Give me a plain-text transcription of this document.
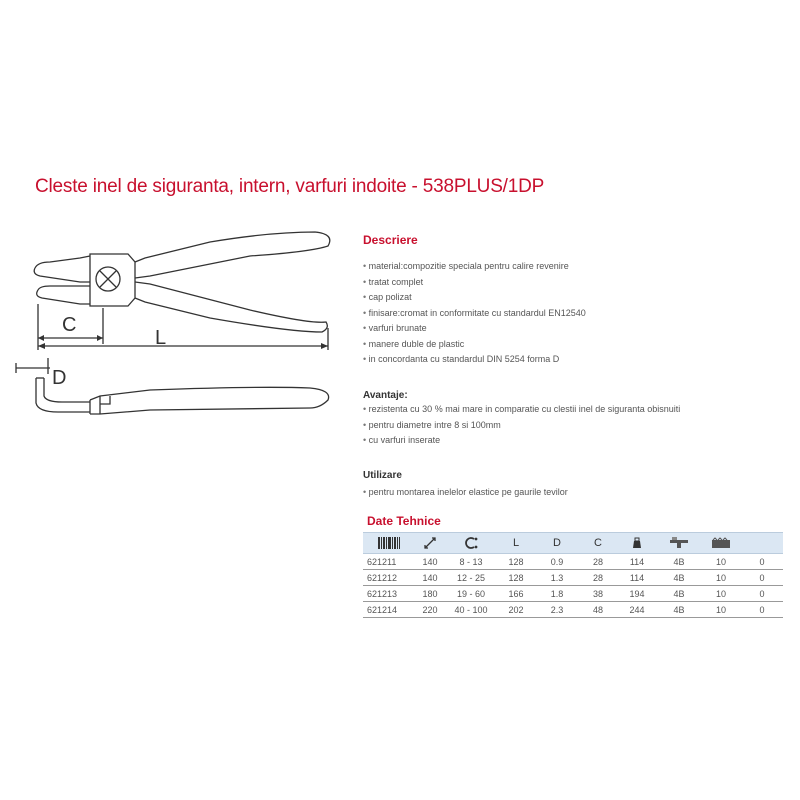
Cleste inel de siguranta, intern, varfuri indoite - 538PLUS/1DP
C
L
D
Descriere
• material:compozitie speciala pentru calire revenire
• tratat complet
• cap polizat
• finisare:cromat in conformitate cu standardul EN12540
• varfuri brunate
• manere duble de plastic
• in concordanta cu standardul DIN 5254 forma D
Avantaje:
• rezistenta cu 30 % mai mare in comparatie cu clestii inel de siguranta obisnuiti
• pentru diametre intre 8 si 100mm
• cu varfuri inserate
Utilizare
• pentru montarea inelelor elastice pe gaurile tevilor
Date Tehnice
			L	D	C				
621211	140	8 - 13	128	0.9	28	114	4B	10	0
621212	140	12 - 25	128	1.3	28	114	4B	10	0
621213	180	19 - 60	166	1.8	38	194	4B	10	0
621214	220	40 - 100	202	2.3	48	244	4B	10	0
